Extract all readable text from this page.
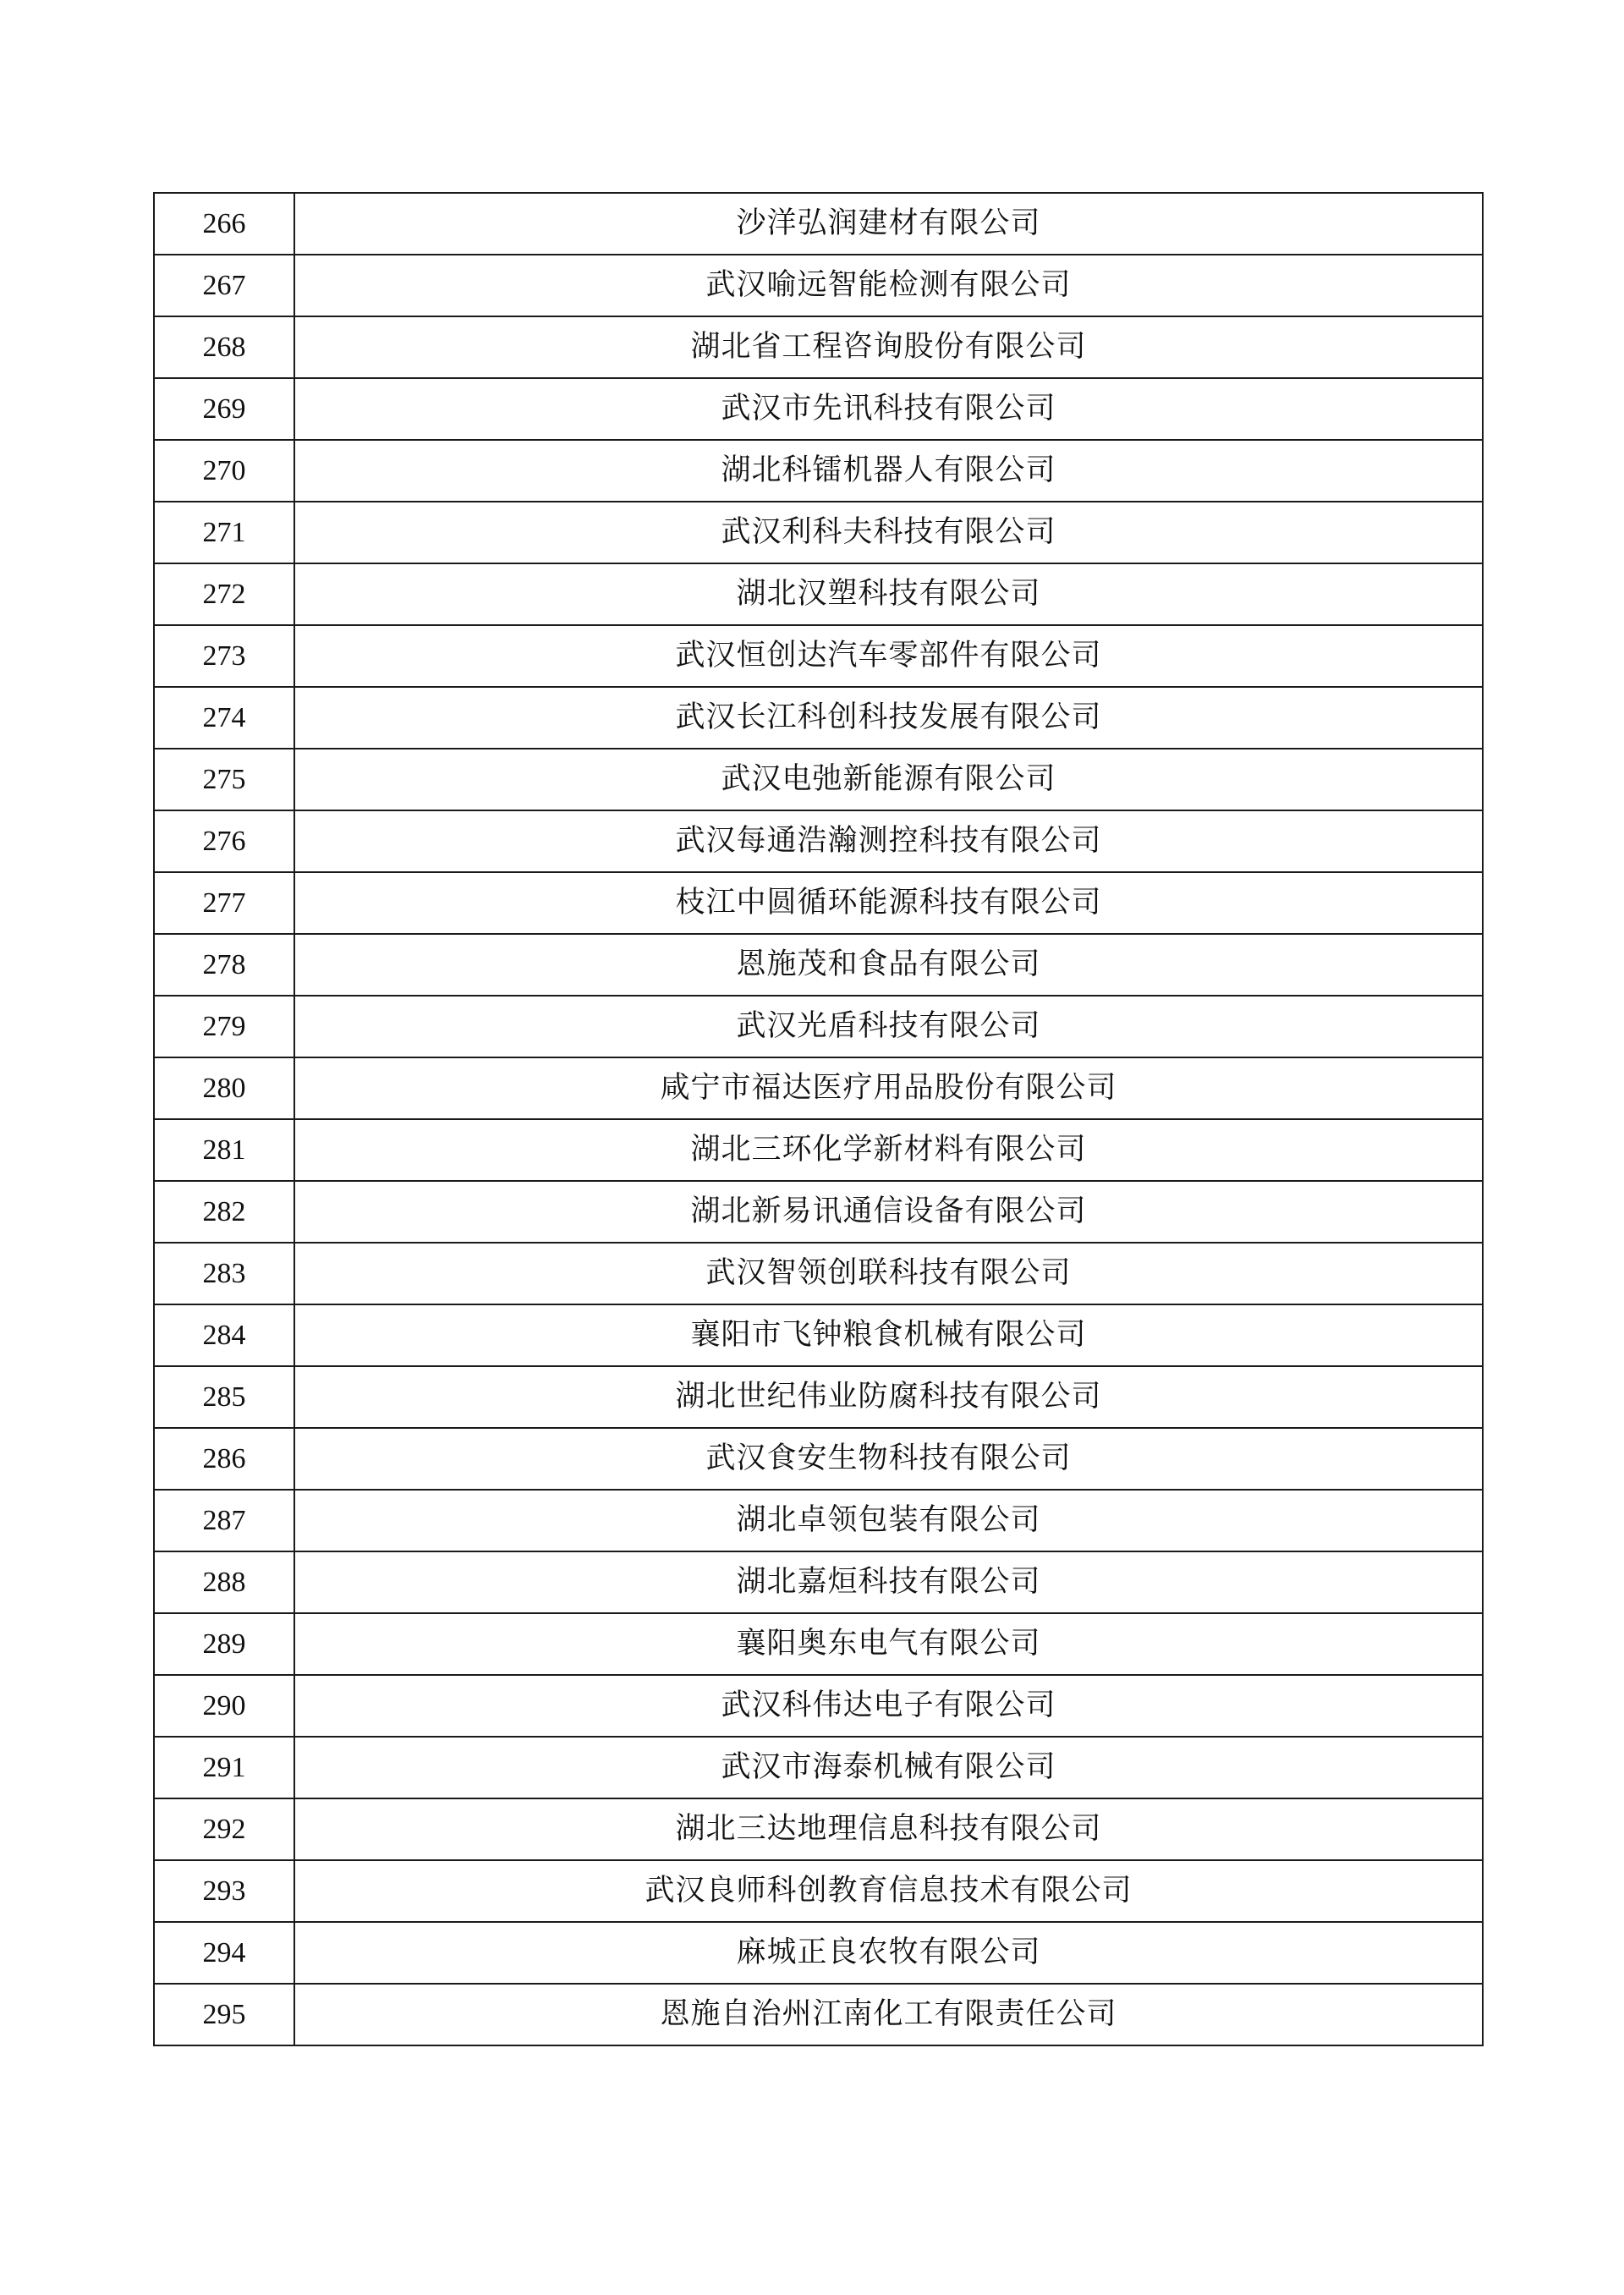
266	沙洋弘润建材有限公司
267	武汉喻远智能检测有限公司
268	湖北省工程咨询股份有限公司
269	武汉市先讯科技有限公司
270	湖北科镭机器人有限公司
271	武汉利科夫科技有限公司
272	湖北汉塑科技有限公司
273	武汉恒创达汽车零部件有限公司
274	武汉长江科创科技发展有限公司
275	武汉电弛新能源有限公司
276	武汉每通浩瀚测控科技有限公司
277	枝江中圆循环能源科技有限公司
278	恩施茂和食品有限公司
279	武汉光盾科技有限公司
280	咸宁市福达医疗用品股份有限公司
281	湖北三环化学新材料有限公司
282	湖北新易讯通信设备有限公司
283	武汉智领创联科技有限公司
284	襄阳市飞钟粮食机械有限公司
285	湖北世纪伟业防腐科技有限公司
286	武汉食安生物科技有限公司
287	湖北卓领包装有限公司
288	湖北嘉烜科技有限公司
289	襄阳奥东电气有限公司
290	武汉科伟达电子有限公司
291	武汉市海泰机械有限公司
292	湖北三达地理信息科技有限公司
293	武汉良师科创教育信息技术有限公司
294	麻城正良农牧有限公司
295	恩施自治州江南化工有限责任公司
